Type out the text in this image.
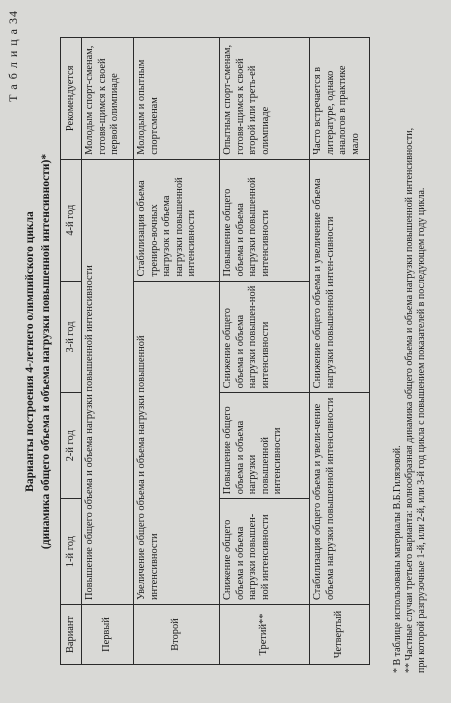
Т а б л и ц а 34
Варианты построения 4-летнего олимпийского цикла (динамика общего объема и объема нагрузки повышенной интенсивности)*
Вариант	1-й год	2-й год	3-й год	4-й год	Рекомендуется
Первый	Повышение общего объема и объема нагрузки повышенной интенсивности				Молодым спорт-сменам, готовя-щимся к своей первой олимпиаде
Второй	Увеличение общего объема и объема нагрузки повышенной интенсивности			Стабилизация объема трениро-вочных нагрузок и объема нагрузки повышенной интенсивности	Молодым и опытным спортсменам
Третий**	Снижение общего объема и объема нагрузки повышен-ной интенсивности	Повышение общего объема и объема нагрузки повышенной интенсивности	Снижение общего объема и объема нагрузки повышен-ной интенсивности	Повышение общего объема и объема нагрузки повышенной интенсивности	Опытным спорт-сменам, готовя-щимся к своей второй или треть-ей олимпиаде
Четвертый	Стабилизация общего объема и увели-чение объема нагрузки повышенной интенсивности		Снижение общего объема и увеличение объема нагрузки повышенной интен-сивности		Часто встречается в литературе, однако аналогов в практике мало
* В таблице использованы материалы В.Б.Гилязовой. ** Частные случаи третьего варианта: волнообразная динамика общего объема и объема нагрузки повышенной интенсивности, при которой разгрузочные 1-й, или 2-й, или 3-й год цикла с повышением показателей в последующем году цикла.
